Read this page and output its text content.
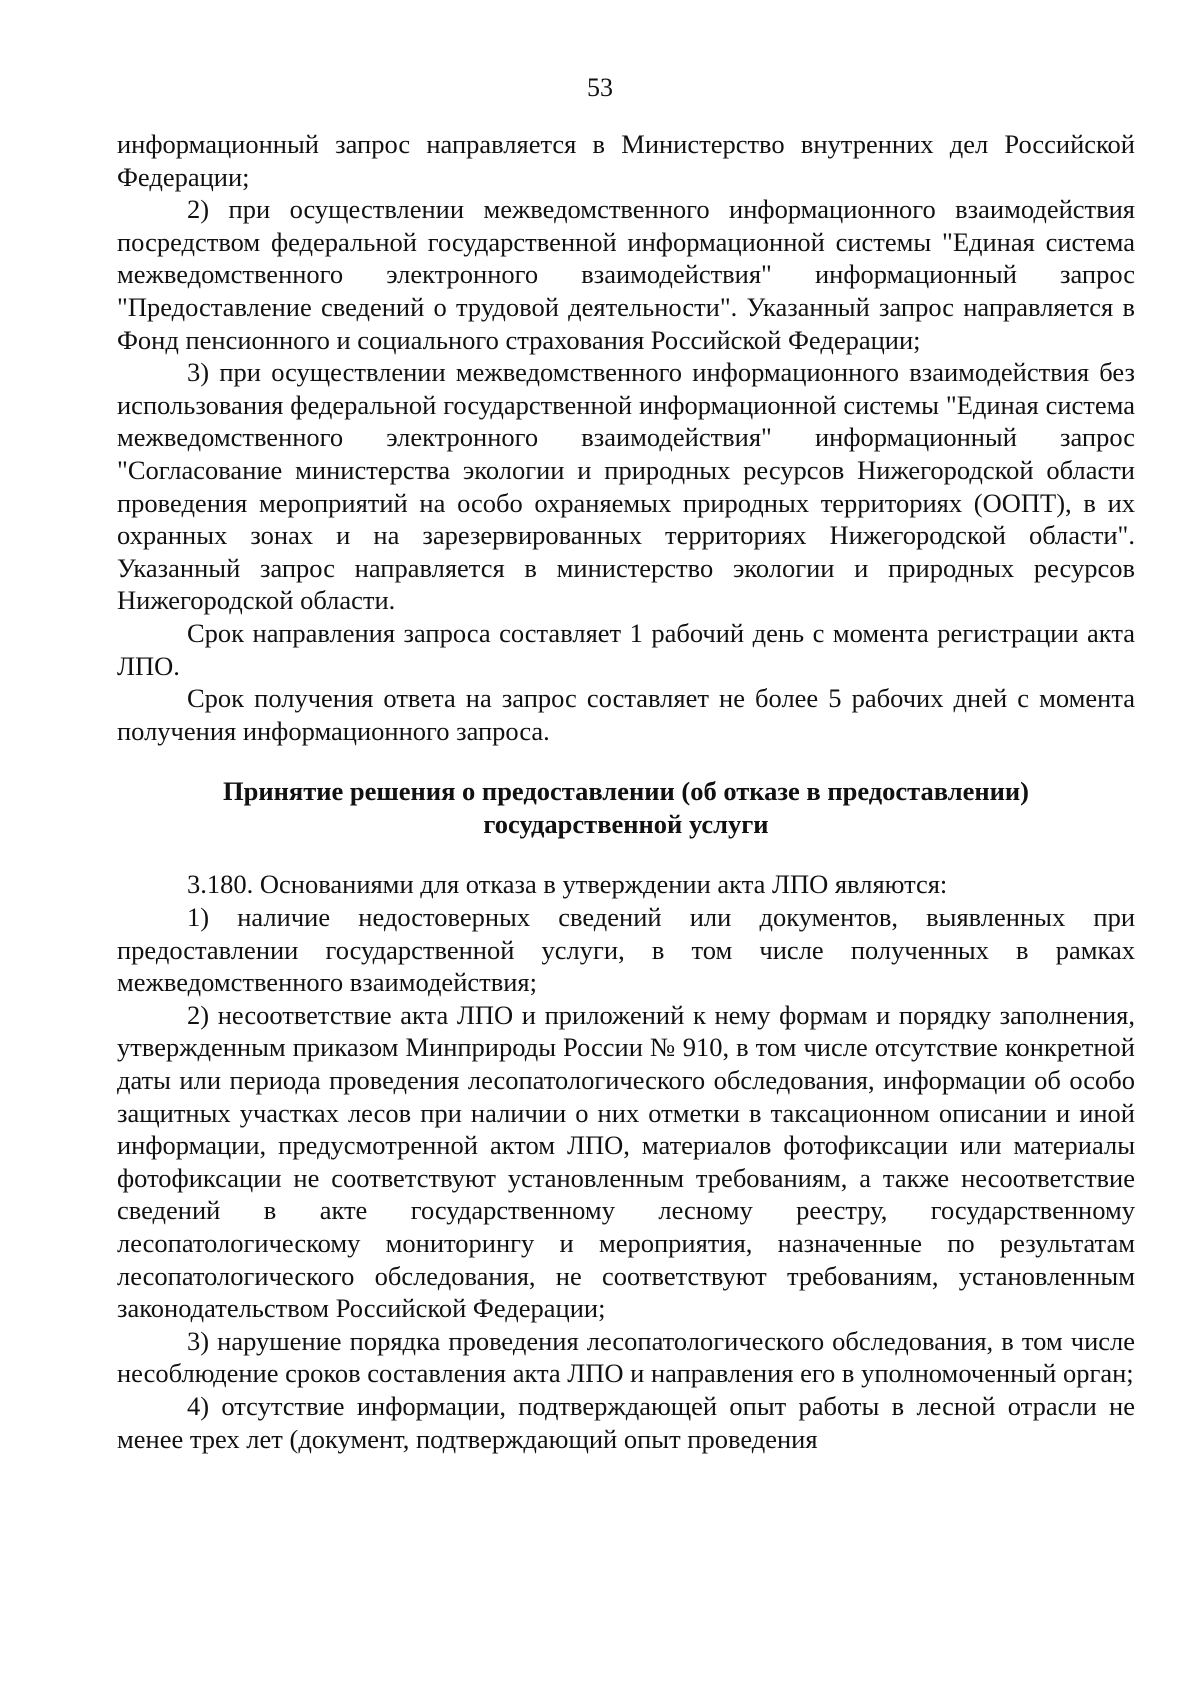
53

информационный запрос направляется в Министерство внутренних дел Российской Федерации;

2) при осуществлении межведомственного информационного взаимодействия посредством федеральной государственной информационной системы "Единая система межведомственного электронного взаимодействия" информационный запрос "Предоставление сведений о трудовой деятельности". Указанный запрос направляется в Фонд пенсионного и социального страхования Российской Федерации;

3) при осуществлении межведомственного информационного взаимодействия без использования федеральной государственной информационной системы "Единая система межведомственного электронного взаимодействия" информационный запрос "Согласование министерства экологии и природных ресурсов Нижегородской области проведения мероприятий на особо охраняемых природных территориях (ООПТ), в их охранных зонах и на зарезервированных территориях Нижегородской области". Указанный запрос направляется в министерство экологии и природных ресурсов Нижегородской области.

Срок направления запроса составляет 1 рабочий день с момента регистрации акта ЛПО.

Срок получения ответа на запрос составляет не более 5 рабочих дней с момента получения информационного запроса.

Принятие решения о предоставлении (об отказе в предоставлении)
государственной услуги

3.180. Основаниями для отказа в утверждении акта ЛПО являются:

1) наличие недостоверных сведений или документов, выявленных при предоставлении государственной услуги, в том числе полученных в рамках межведомственного взаимодействия;

2) несоответствие акта ЛПО и приложений к нему формам и порядку заполнения, утвержденным приказом Минприроды России № 910, в том числе отсутствие конкретной даты или периода проведения лесопатологического обследования, информации об особо защитных участках лесов при наличии о них отметки в таксационном описании и иной информации, предусмотренной актом ЛПО, материалов фотофиксации или материалы фотофиксации не соответствуют установленным требованиям, а также несоответствие сведений в акте государственному лесному реестру, государственному лесопатологическому мониторингу и мероприятия, назначенные по результатам лесопатологического обследования, не соответствуют требованиям, установленным законодательством Российской Федерации;

3) нарушение порядка проведения лесопатологического обследования, в том числе несоблюдение сроков составления акта ЛПО и направления его в уполномоченный орган;

4) отсутствие информации, подтверждающей опыт работы в лесной отрасли не менее трех лет (документ, подтверждающий опыт проведения
